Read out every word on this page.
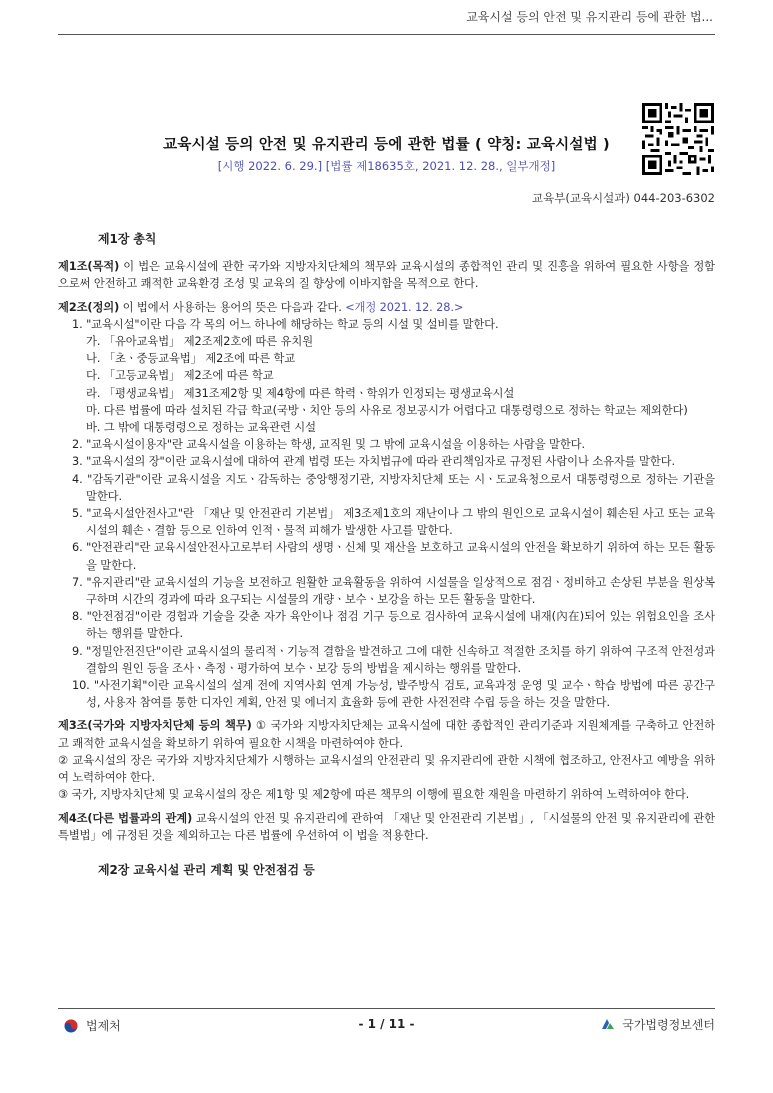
교육시설 등의 안전 및 유지관리 등에 관한 법...
교육시설 등의 안전 및 유지관리 등에 관한 법률 ( 약칭: 교육시설법 )
[시행 2022. 6. 29.] [법률 제18635호, 2021. 12. 28., 일부개정]
교육부(교육시설과) 044-203-6302
제1장 총칙
제1조(목적) 이 법은 교육시설에 관한 국가와 지방자치단체의 책무와 교육시설의 종합적인 관리 및 진흥을 위하여 필요한 사항을 정함으로써 안전하고 쾌적한 교육환경 조성 및 교육의 질 향상에 이바지함을 목적으로 한다.
제2조(정의) 이 법에서 사용하는 용어의 뜻은 다음과 같다. <개정 2021. 12. 28.>
1. "교육시설"이란 다음 각 목의 어느 하나에 해당하는 학교 등의 시설 및 설비를 말한다.
가. 「유아교육법」 제2조제2호에 따른 유치원
나. 「초ㆍ중등교육법」 제2조에 따른 학교
다. 「고등교육법」 제2조에 따른 학교
라. 「평생교육법」 제31조제2항 및 제4항에 따른 학력ㆍ학위가 인정되는 평생교육시설
마. 다른 법률에 따라 설치된 각급 학교(국방ㆍ치안 등의 사유로 정보공시가 어렵다고 대통령령으로 정하는 학교는 제외한다)
바. 그 밖에 대통령령으로 정하는 교육관련 시설
2. "교육시설이용자"란 교육시설을 이용하는 학생, 교직원 및 그 밖에 교육시설을 이용하는 사람을 말한다.
3. "교육시설의 장"이란 교육시설에 대하여 관계 법령 또는 자치법규에 따라 관리책임자로 규정된 사람이나 소유자를 말한다.
4. "감독기관"이란 교육시설을 지도ㆍ감독하는 중앙행정기관, 지방자치단체 또는 시ㆍ도교육청으로서 대통령령으로 정하는 기관을 말한다.
5. "교육시설안전사고"란 「재난 및 안전관리 기본법」 제3조제1호의 재난이나 그 밖의 원인으로 교육시설이 훼손된 사고 또는 교육시설의 훼손ㆍ결함 등으로 인하여 인적ㆍ물적 피해가 발생한 사고를 말한다.
6. "안전관리"란 교육시설안전사고로부터 사람의 생명ㆍ신체 및 재산을 보호하고 교육시설의 안전을 확보하기 위하여 하는 모든 활동을 말한다.
7. "유지관리"란 교육시설의 기능을 보전하고 원활한 교육활동을 위하여 시설물을 일상적으로 점검ㆍ정비하고 손상된 부분을 원상복구하며 시간의 경과에 따라 요구되는 시설물의 개량ㆍ보수ㆍ보강을 하는 모든 활동을 말한다.
8. "안전점검"이란 경험과 기술을 갖춘 자가 육안이나 점검 기구 등으로 검사하여 교육시설에 내재(內在)되어 있는 위험요인을 조사하는 행위를 말한다.
9. "정밀안전진단"이란 교육시설의 물리적ㆍ기능적 결함을 발견하고 그에 대한 신속하고 적절한 조치를 하기 위하여 구조적 안전성과 결함의 원인 등을 조사ㆍ측정ㆍ평가하여 보수ㆍ보강 등의 방법을 제시하는 행위를 말한다.
10. "사전기획"이란 교육시설의 설계 전에 지역사회 연계 가능성, 발주방식 검토, 교육과정 운영 및 교수ㆍ학습 방법에 따른 공간구성, 사용자 참여를 통한 디자인 계획, 안전 및 에너지 효율화 등에 관한 사전전략 수립 등을 하는 것을 말한다.
제3조(국가와 지방자치단체 등의 책무) ① 국가와 지방자치단체는 교육시설에 대한 종합적인 관리기준과 지원체계를 구축하고 안전하고 쾌적한 교육시설을 확보하기 위하여 필요한 시책을 마련하여야 한다.
② 교육시설의 장은 국가와 지방자치단체가 시행하는 교육시설의 안전관리 및 유지관리에 관한 시책에 협조하고, 안전사고 예방을 위하여 노력하여야 한다.
③ 국가, 지방자치단체 및 교육시설의 장은 제1항 및 제2항에 따른 책무의 이행에 필요한 재원을 마련하기 위하여 노력하여야 한다.
제4조(다른 법률과의 관계) 교육시설의 안전 및 유지관리에 관하여 「재난 및 안전관리 기본법」, 「시설물의 안전 및 유지관리에 관한 특별법」에 규정된 것을 제외하고는 다른 법률에 우선하여 이 법을 적용한다.
제2장 교육시설 관리 계획 및 안전점검 등
법제처	- 1 / 11 -	국가법령정보센터
